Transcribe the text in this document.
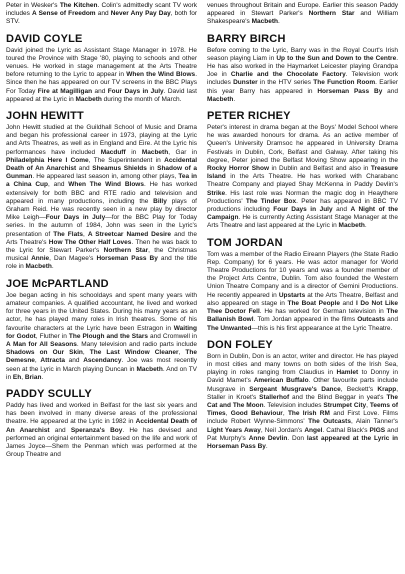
Peter in Wesker's The Kitchen. Colin's admittedly scant TV work includes A Sense of Freedom and Never Any Pay Day, both for STV.

DAVID COYLE

David joined the Lyric as Assistant Stage Manager in 1978. He toured the Province with Stage '80, playing to schools and other venues. He worked in stage management at the Arts Theatre before returning to the Lyric to appear in When the Wind Blows. Since then he has appeared on our TV screens in the BBC Plays For Today Fire at Magilligan and Four Days in July. David last appeared at the Lyric in Macbeth during the month of March.

JOHN HEWITT

John Hewitt studied at the Guildhall School of Music and Drama and began his professional career in 1973, playing at the Lyric and Arts Theatres, as well as in England and Eire. At the Lyric his performances have included Macduff in Macbeth, Gar in Philadelphia Here I Come, The Superintendent in Accidental Death of An Anarchist and Sheamus Shields in Shadow of a Gunman. He appeared last season in, among other plays, Tea in a China Cup, and When The Wind Blows. He has worked extensively for both BBC and RTE radio and television and appeared in many productions, including the Billy plays of Graham Reid. He was recently seen in a new play by director Mike Leigh—Four Days in July—for the BBC Play for Today series. In the autumn of 1984, John was seen in the Lyric's presentation of The Flats, A Streetcar Named Desire and the Arts Theatre's How The Other Half Loves. Then he was back to the Lyric for Stewart Parker's Northern Star, the Christmas musical Annie, Dan Magee's Horseman Pass By and the title role in Macbeth.

JOE McPARTLAND

Joe began acting in his schooldays and spent many years with amateur companies. A qualified accountant, he lived and worked for three years in the United States. During his many years as an actor, he has played many roles in Irish theatres. Some of his favourite characters at the Lyric have been Estragon in Waiting for Godot, Fluther in The Plough and the Stars and Cromwell in A Man for All Seasons. Many television and radio parts include Shadows on Our Skin, The Last Window Cleaner, The Demesne, Attracta and Ascendancy. Joe was most recently seen at the Lyric in March playing Duncan in Macbeth. And on TV in Eh, Brian.

PADDY SCULLY

Paddy has lived and worked in Belfast for the last six years and has been involved in many diverse areas of the professional theatre. He appeared at the Lyric in 1982 in Accidental Death of An Anarchist and Speranza's Boy. He has devised and performed an original entertainment based on the life and work of James Joyce—Shem the Penman which was performed at the Group Theatre and

venues throughout Britain and Europe. Earlier this season Paddy appeared in Stewart Parker's Northern Star and William Shakespeare's Macbeth.

BARRY BIRCH

Before coming to the Lyric, Barry was in the Royal Court's Irish season playing Liam in Up to the Sun and Down to the Centre. He has also worked in the Haymarket Leicester playing Grandpa Joe in Charlie and the Chocolate Factory. Television work includes Dunster in the HTV series The Function Room. Earlier this year Barry has appeared in Horseman Pass By and Macbeth.

PETER RICHEY

Peter's interest in drama began at the Boys' Model School where he was awarded honours for drama. As an active member of Queen's University Dramsoc he appeared in University Drama Festivals in Dublin, Cork, Belfast and Galway. After taking his degree, Peter joined the Belfast Moving Show appearing in the Rocky Horror Show in Dublin and Belfast and also in Treasure Island in the Arts Theatre. He has worked with Charabanc Theatre Company and played Shay McKenna in Paddy Devlin's Strike. His last role was Norman the magic dog in Heaythere Productions' The Tinder Box. Peter has appeared in BBC TV productions including Four Days in July and A Night of the Campaign. He is currently Acting Assistant Stage Manager at the Arts Theatre and last appeared at the Lyric in Macbeth.

TOM JORDAN

Tom was a member of the Radio Eireann Players (the State Radio Rep. Company) for 6 years. He was actor manager for World Theatre Productions for 10 years and was a founder member of the Project Arts Centre, Dublin. Tom also founded the Western Union Theatre Company and is a director of Gemini Productions. He recently appeared in Upstarts at the Arts Theatre, Belfast and also appeared on stage in The Boat People and I Do Not Like Thee Doctor Fell. He has worked for German television in The Ballanish Bowl. Tom Jordan appeared in the films Outcasts and The Unwanted—this is his first appearance at the Lyric Theatre.

DON FOLEY

Born in Dublin, Don is an actor, writer and director. He has played in most cities and many towns on both sides of the Irish Sea, playing in roles ranging from Claudius in Hamlet to Donny in David Mamet's American Buffalo. Other favourite parts include Musgrave in Sergeant Musgrave's Dance, Beckett's Krapp, Staller in Kroet's Stallerhof and the Blind Beggar in yeat's The Cat and The Moon. Television includes Strumpet City, Teems of Times, Good Behaviour, The Irish RM and First Love. Films include Robert Wynne-Simmons' The Outcasts, Alain Tanner's Light Years Away, Neil Jordan's Angel. Cathal Black's PIGS and Pat Murphy's Anne Devlin. Don last appeared at the Lyric in Horseman Pass By.
